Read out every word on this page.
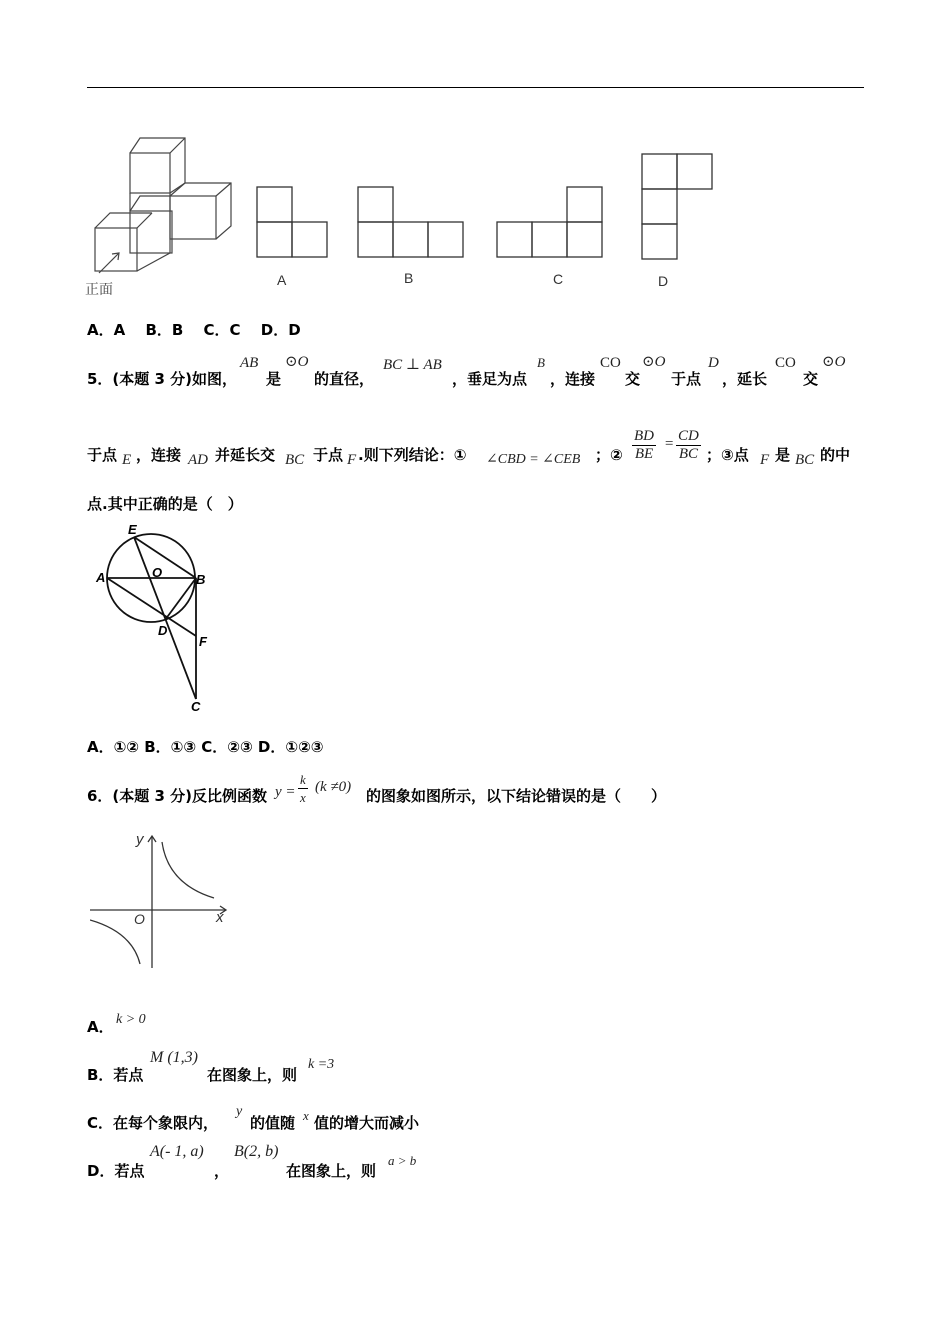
正面
A	B	C	D
A．A　 B．B　 C．C　 D．D
5．(本题 3 分)如图，
AB
是
⊙O
的直径，
BC ⊥ AB
，垂足为点
B
，连接
CO
交
⊙O
于点
D
，延长
CO ⊙O
交
于点 E ，连接 AD 并延长交 BC 于点 F .则下列结论：① ∠CBD = ∠CEB ；② $\frac{BD}{BE} = \frac{CD}{BC}$ ；③点 F 是 BC 的中
点.其中正确的是（　）
E
O
A	B
D
F
C
A．①② B．①③ C．②③ D．①②③
6．(本题 3 分)反比例函数 $y = \frac{k}{x} (k \ne 0)$ 的图象如图所示，以下结论错误的是（　　）
y
x
O
A． k > 0
B．若点
M (1,3)
在图象上，则
k =3
C．在每个象限内，
y
的值随 x 值的增大而减小
D．若点
A(- 1, a)
，
B(2, b)
在图象上，则
a > b
